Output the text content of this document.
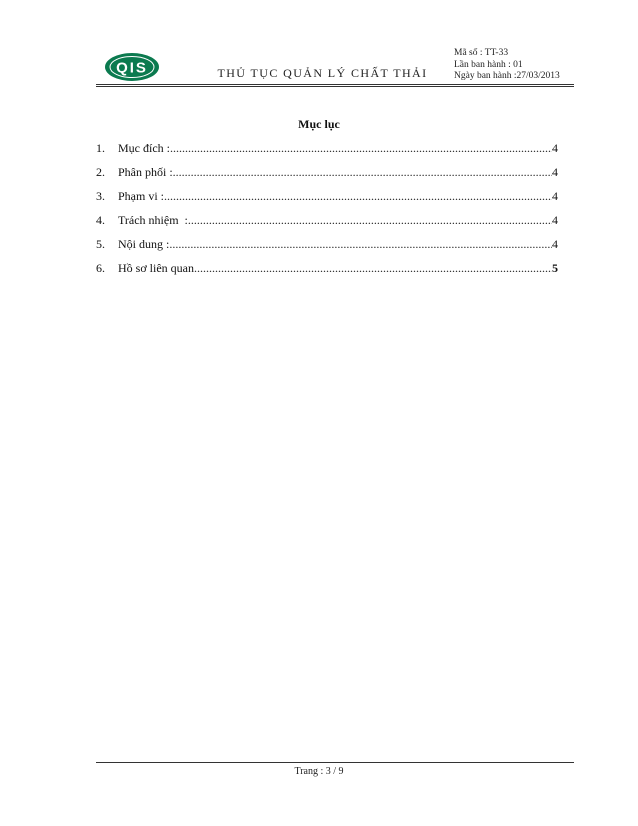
QIS	THỦ TỤC QUẢN LÝ CHẤT THẢI
Mã số : TT-33
Lần ban hành : 01
Ngày ban hành :27/03/2013
Mục lục
1.	Mục đích : .....	4
2.	Phân phối : .....	4
3.	Phạm vi : .....	4
4.	Trách nhiệm  : .....	4
5.	Nội dung : .....	4
6.	Hồ sơ liên quan .....	5
Trang : 3 / 9
